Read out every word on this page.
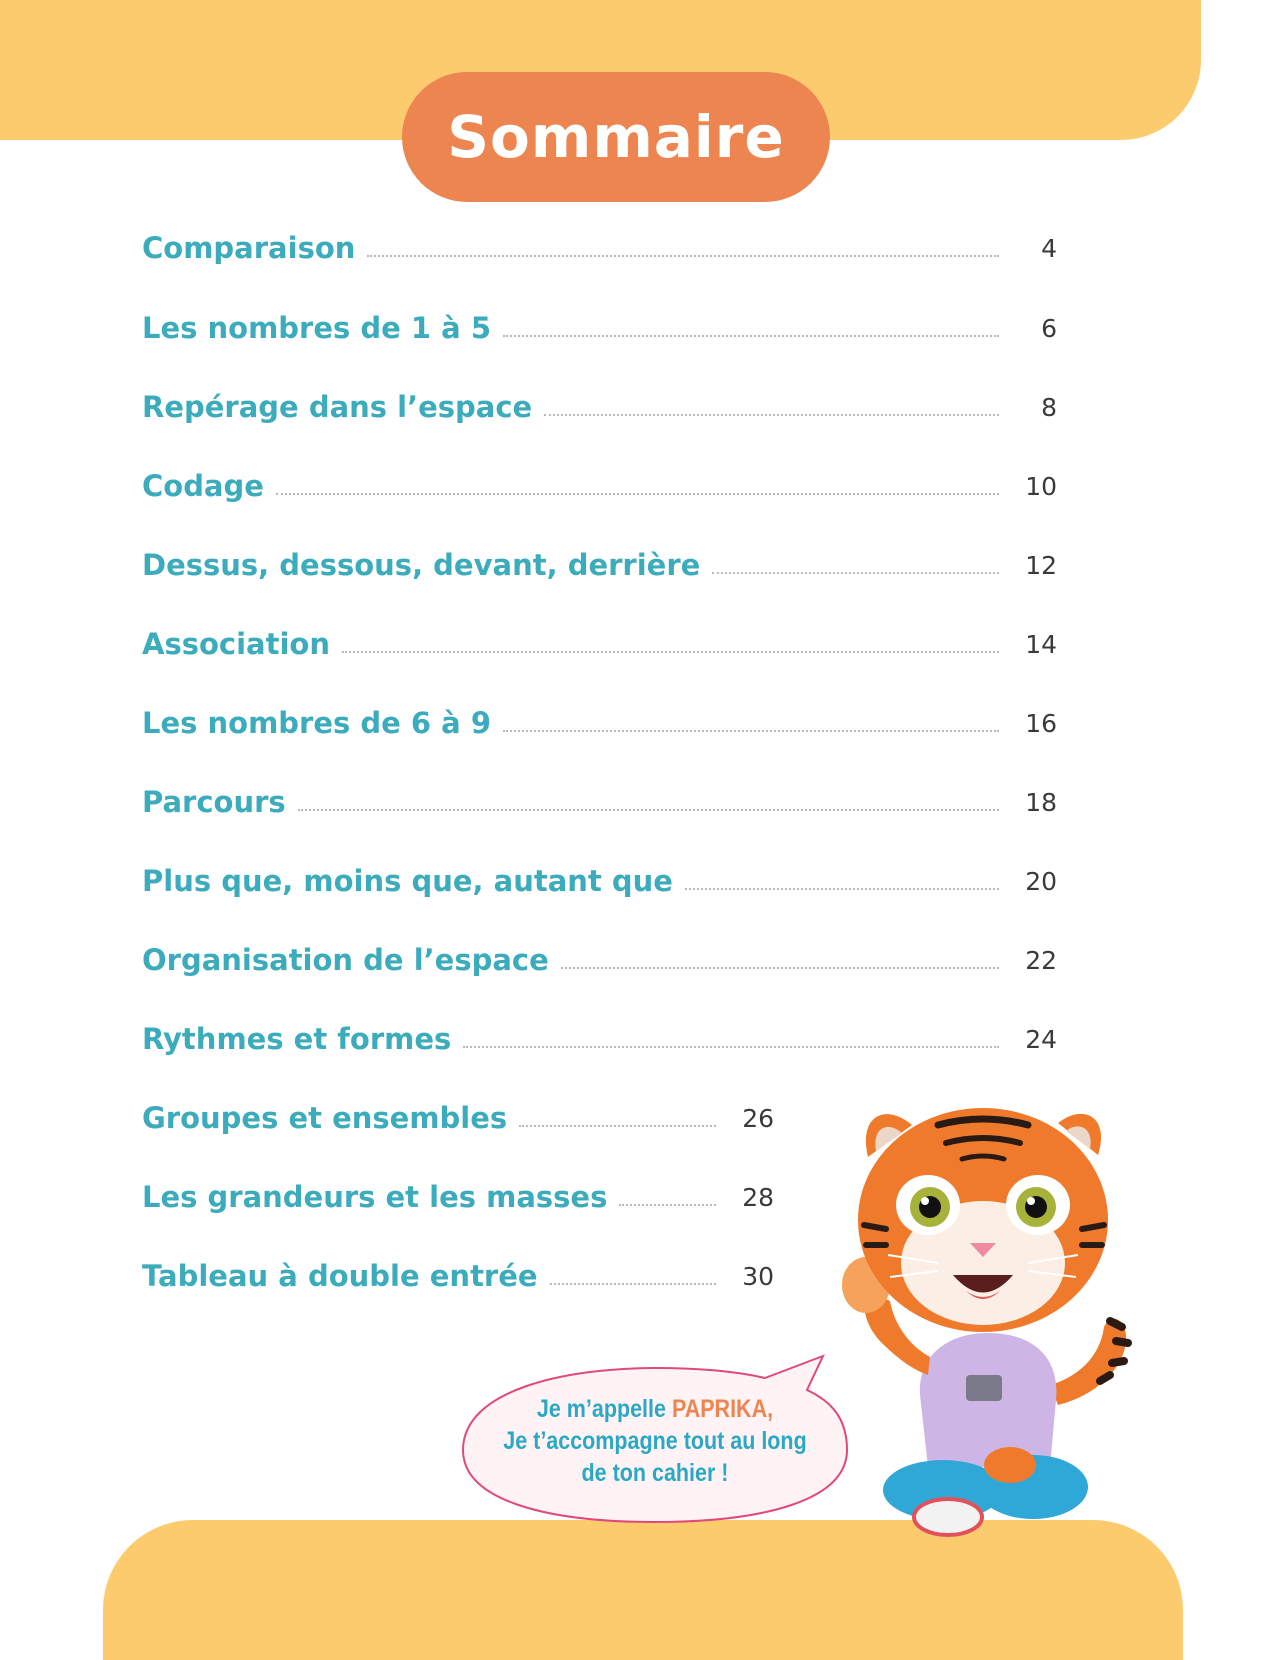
Sommaire
Comparaison	4
Les nombres de 1 à 5	6
Repérage dans l’espace	8
Codage	10
Dessus, dessous, devant, derrière	12
Association	14
Les nombres de 6 à 9	16
Parcours	18
Plus que, moins que, autant que	20
Organisation de l’espace	22
Rythmes et formes	24
Groupes et ensembles	26
Les grandeurs et les masses	28
Tableau à double entrée	30
Je m’appelle PAPRIKA,
Je t’accompagne tout au long
de ton cahier !
